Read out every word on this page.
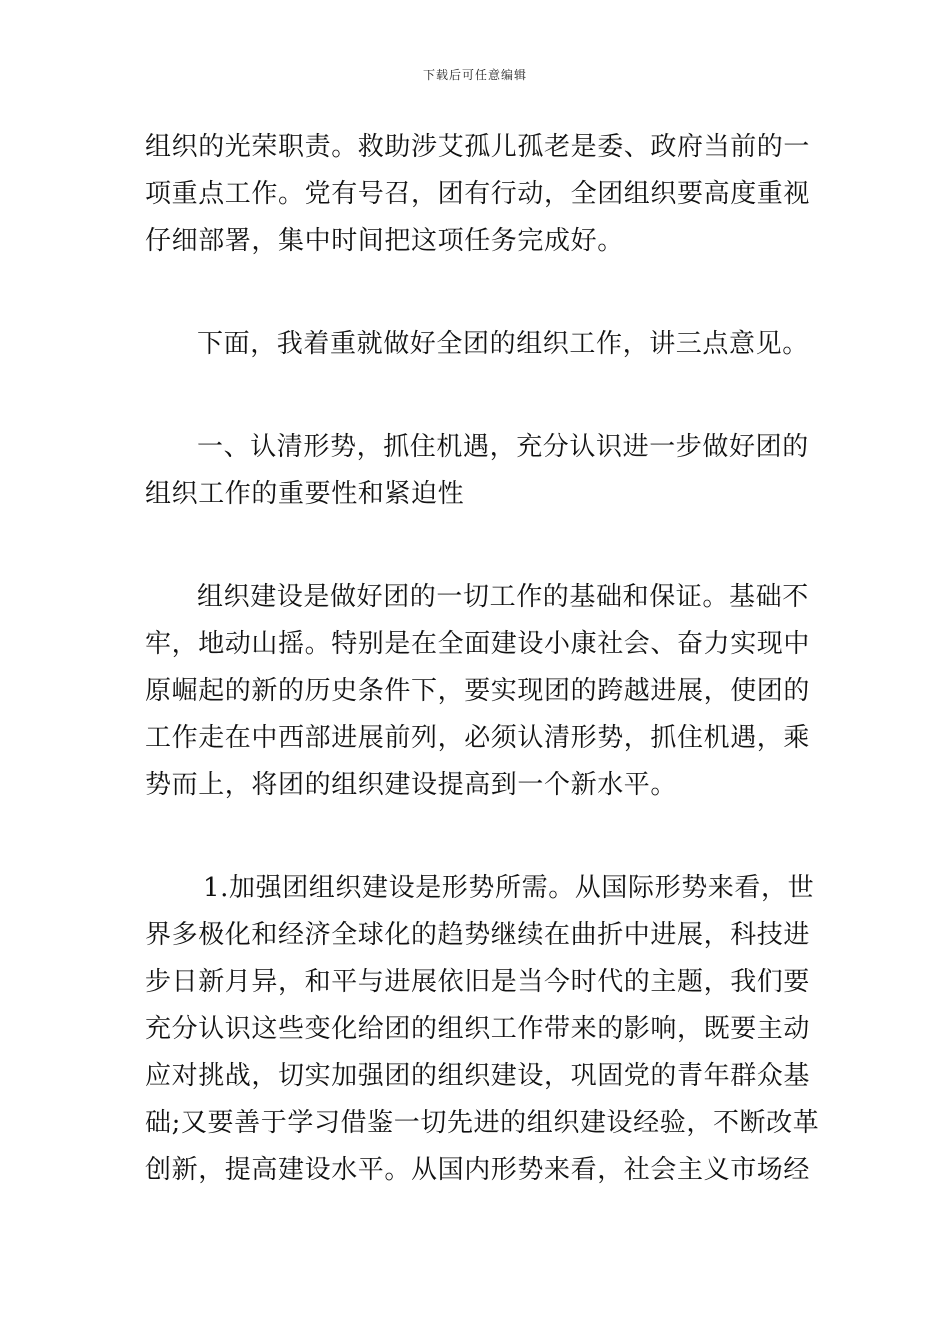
下载后可任意编辑
组织的光荣职责。救助涉艾孤儿孤老是委、政府当前的一
项重点工作。党有号召，团有行动，全团组织要高度重视
仔细部署，集中时间把这项任务完成好。
下面，我着重就做好全团的组织工作，讲三点意见。
一、认清形势，抓住机遇，充分认识进一步做好团的
组织工作的重要性和紧迫性
组织建设是做好团的一切工作的基础和保证。基础不
牢，地动山摇。特别是在全面建设小康社会、奋力实现中
原崛起的新的历史条件下，要实现团的跨越进展，使团的
工作走在中西部进展前列，必须认清形势，抓住机遇，乘
势而上，将团的组织建设提高到一个新水平。
1.加强团组织建设是形势所需。从国际形势来看，世
界多极化和经济全球化的趋势继续在曲折中进展，科技进
步日新月异，和平与进展依旧是当今时代的主题，我们要
充分认识这些变化给团的组织工作带来的影响，既要主动
应对挑战，切实加强团的组织建设，巩固党的青年群众基
础;又要善于学习借鉴一切先进的组织建设经验，不断改革
创新，提高建设水平。从国内形势来看，社会主义市场经
